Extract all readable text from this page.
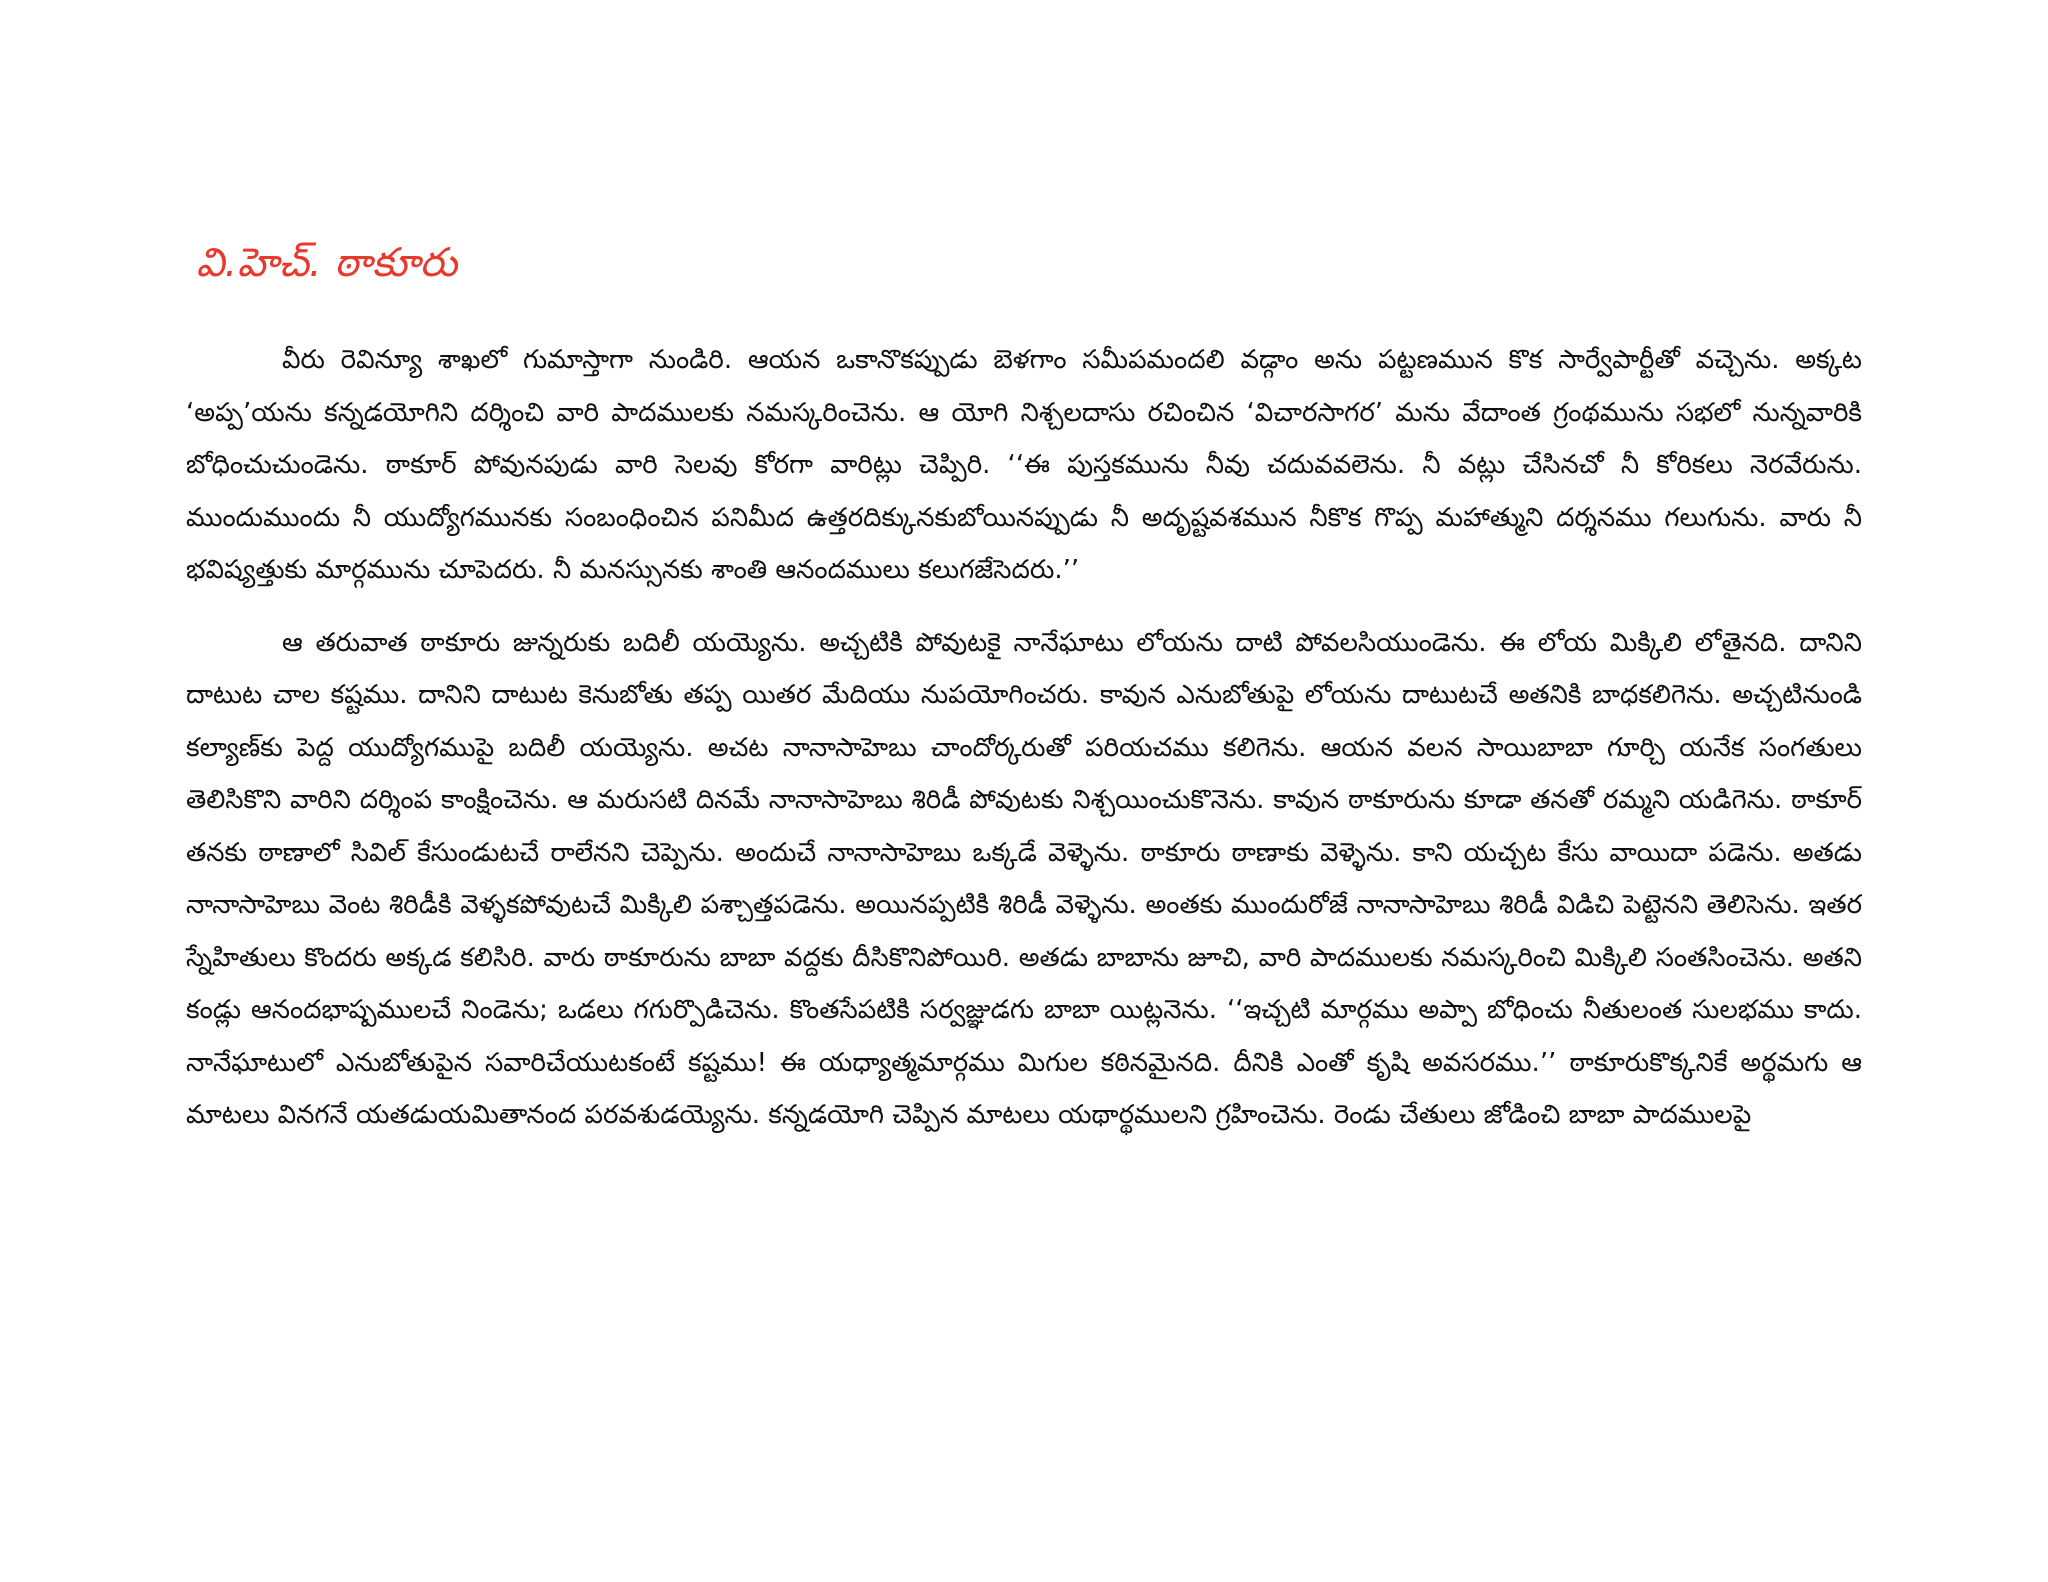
వి.హెచ్. ఠాకూరు

వీరు రెవిన్యూ శాఖలో గుమాస్తాగా నుండిరి. ఆయన ఒకానొకప్పుడు బెళగాం సమీపమందలి వడ్గాం అను పట్టణమున కొక సార్వేపార్టీతో వచ్చెను. అక్కట ‘అప్ప’యను కన్నడయోగిని దర్శించి వారి పాదములకు నమస్కరించెను. ఆ యోగి నిశ్చలదాసు రచించిన ‘విచారసాగర’ మను వేదాంత గ్రంథమును సభలో నున్నవారికి బోధించుచుండెను. ఠాకూర్ పోవునపుడు వారి సెలవు కోరగా వారిట్లు చెప్పిరి. ‘‘ఈ పుస్తకమును నీవు చదువవలెను. నీ వట్లు చేసినచో నీ కోరికలు నెరవేరును. ముందుముందు నీ యుద్యోగమునకు సంబంధించిన పనిమీద ఉత్తరదిక్కునకుబోయినప్పుడు నీ అదృష్టవశమున నీకొక గొప్ప మహాత్ముని దర్శనము గలుగును. వారు నీ భవిష్యత్తుకు మార్గమును చూపెదరు. నీ మనస్సునకు శాంతి ఆనందములు కలుగజేసెదరు.’’

ఆ తరువాత ఠాకూరు జున్నరుకు బదిలీ యయ్యెను. అచ్చటికి పోవుటకై నానేఘాటు లోయను దాటి పోవలసియుండెను. ఈ లోయ మిక్కిలి లోతైనది. దానిని దాటుట చాల కష్టము. దానిని దాటుట కెనుబోతు తప్ప యితర మేదియు నుపయోగించరు. కావున ఎనుబోతుపై లోయను దాటుటచే అతనికి బాధకలిగెను. అచ్చటినుండి కల్యాణ్‌కు పెద్ద యుద్యోగముపై బదిలీ యయ్యెను. అచట నానాసాహెబు చాందోర్కరుతో పరియచము కలిగెను. ఆయన వలన సాయిబాబా గూర్చి యనేక సంగతులు తెలిసికొని వారిని దర్శింప కాంక్షించెను. ఆ మరుసటి దినమే నానాసాహెబు శిరిడీ పోవుటకు నిశ్చయించుకొనెను. కావున ఠాకూరును కూడా తనతో రమ్మని యడిగెను. ఠాకూర్ తనకు ఠాణాలో సివిల్ కేసుండుటచే రాలేనని చెప్పెను. అందుచే నానాసాహెబు ఒక్కడే వెళ్ళెను. ఠాకూరు ఠాణాకు వెళ్ళెను. కాని యచ్చట కేసు వాయిదా పడెను. అతడు నానాసాహెబు వెంట శిరిడీకి వెళ్ళకపోవుటచే మిక్కిలి పశ్చాత్తపడెను. అయినప్పటికి శిరిడీ వెళ్ళెను. అంతకు ముందురోజే నానాసాహెబు శిరిడీ విడిచి పెట్టెనని తెలిసెను. ఇతర స్నేహితులు కొందరు అక్కడ కలిసిరి. వారు ఠాకూరును బాబా వద్దకు దీసికొనిపోయిరి. అతడు బాబాను జూచి, వారి పాదములకు నమస్కరించి మిక్కిలి సంతసించెను. అతని కండ్లు ఆనందభాష్పములచే నిండెను; ఒడలు గగుర్పొడిచెను. కొంతసేపటికి సర్వజ్ఞుడగు బాబా యిట్లనెను. ‘‘ఇచ్చటి మార్గము అప్పా బోధించు నీతులంత సులభము కాదు. నానేఘాటులో ఎనుబోతుపైన సవారిచేయుటకంటే కష్టము! ఈ యధ్యాత్మమార్గము మిగుల కఠినమైనది. దీనికి ఎంతో కృషి అవసరము.’’ ఠాకూరుకొక్కనికే అర్థమగు ఆ మాటలు వినగనే యతడుయమితానంద పరవశుడయ్యెను. కన్నడయోగి చెప్పిన మాటలు యథార్థములని గ్రహించెను. రెండు చేతులు జోడించి బాబా పాదములపై
